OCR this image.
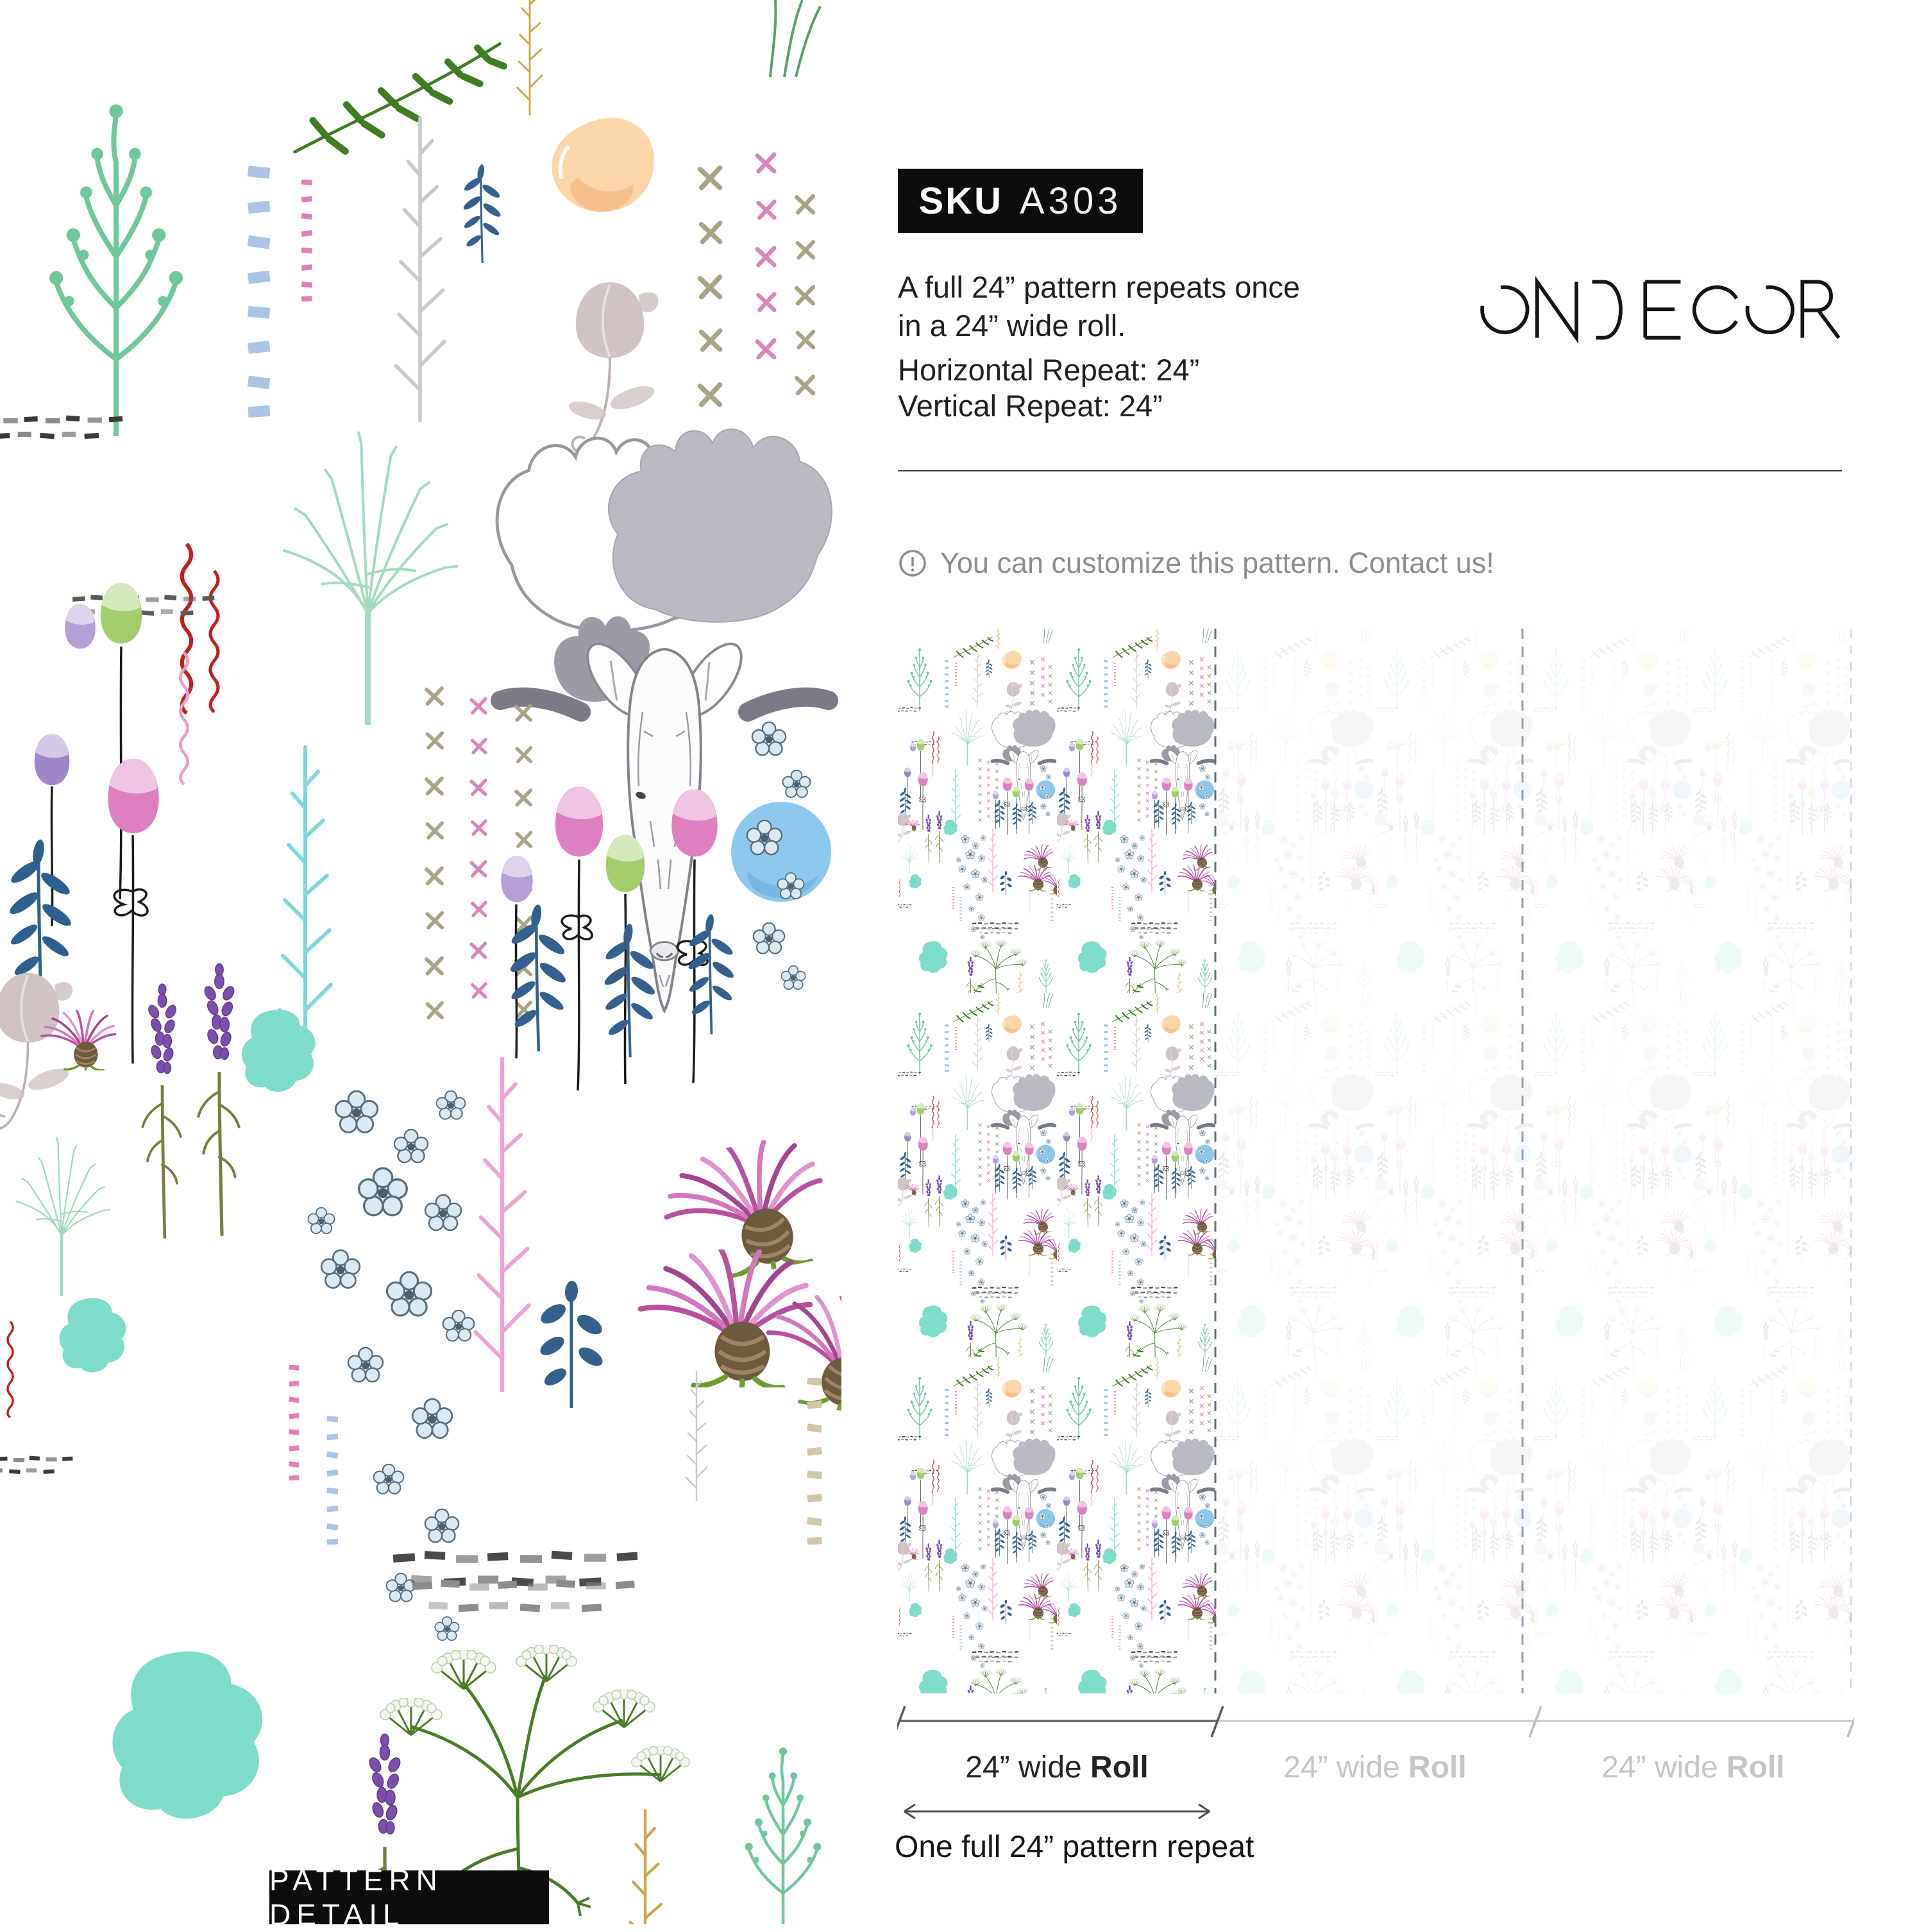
PATTERN DETAIL
SKU A303
A full 24” pattern repeats once
in a 24” wide roll.
Horizontal Repeat: 24”
Vertical Repeat: 24”
You can customize this pattern. Contact us!
24” wide Roll	24” wide Roll	24” wide Roll
One full 24” pattern repeat
